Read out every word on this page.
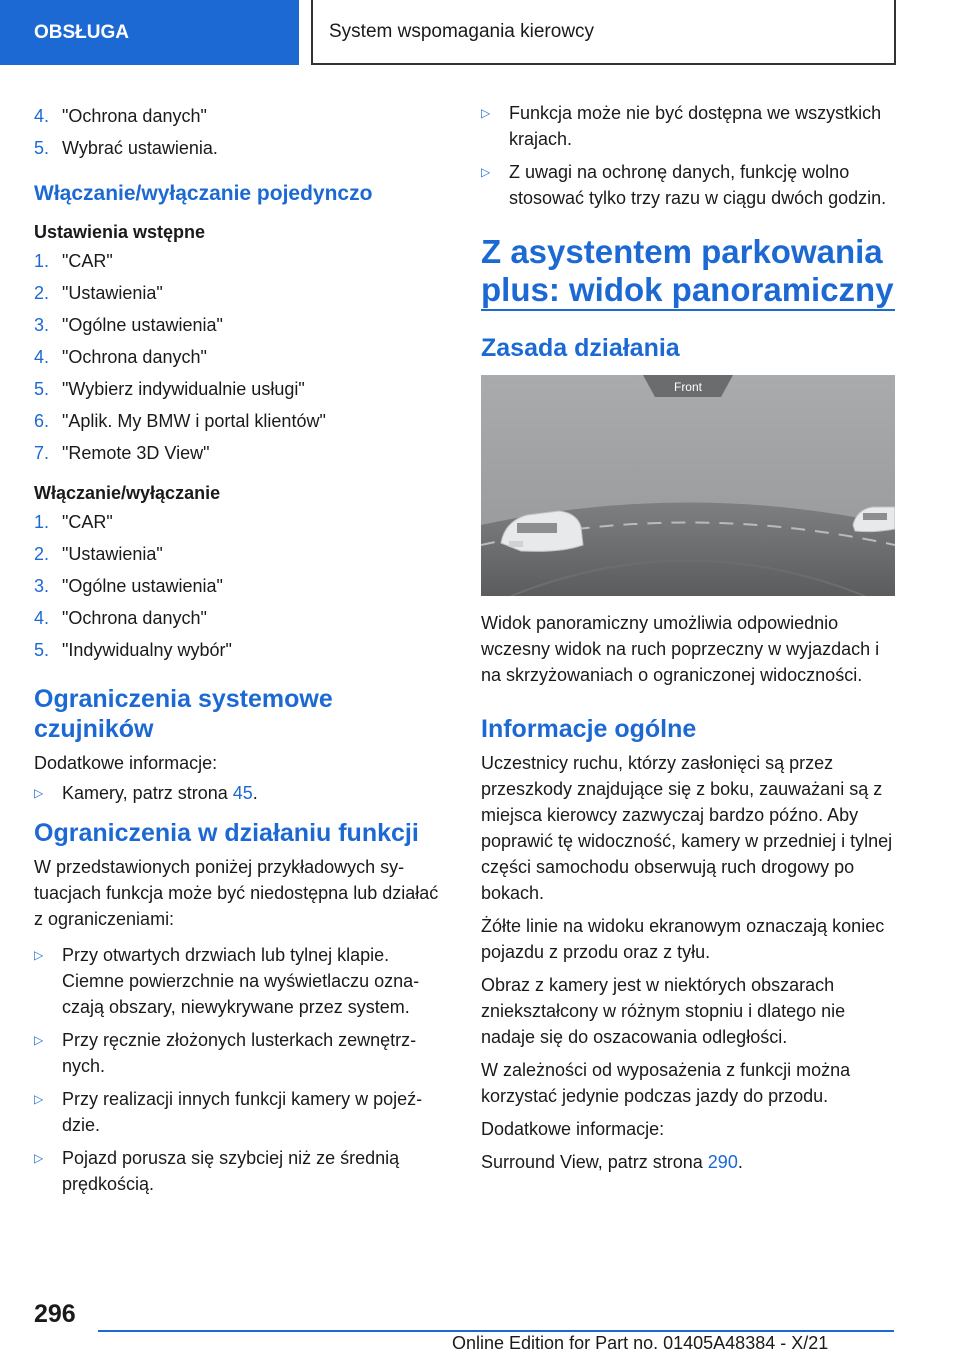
OBSŁUGA	System wspomagania kierowcy
4. "Ochrona danych"
5. Wybrać ustawienia.
Włączanie/wyłączanie pojedynczo
Ustawienia wstępne
1. "CAR"
2. "Ustawienia"
3. "Ogólne ustawienia"
4. "Ochrona danych"
5. "Wybierz indywidualnie usługi"
6. "Aplik. My BMW i portal klientów"
7. "Remote 3D View"
Włączanie/wyłączanie
1. "CAR"
2. "Ustawienia"
3. "Ogólne ustawienia"
4. "Ochrona danych"
5. "Indywidualny wybór"
Ograniczenia systemowe czujników

Dodatkowe informacje:

▷	Kamery, patrz strona 45.
Ograniczenia w działaniu funkcji

W przedstawionych poniżej przykładowych sytuacjach funkcja może być niedostępna lub działać z ograniczeniami:

▷	Przy otwartych drzwiach lub tylnej klapie. Ciemne powierzchnie na wyświetlaczu oznaczają obszary, niewykrywane przez system.
▷	Przy ręcznie złożonych lusterkach zewnętrznych.
▷	Przy realizacji innych funkcji kamery w pojeździe.
▷	Pojazd porusza się szybciej niż ze średnią prędkością.
▷	Funkcja może nie być dostępna we wszystkich krajach.
▷	Z uwagi na ochronę danych, funkcję wolno stosować tylko trzy razu w ciągu dwóch godzin.
Z asystentem parkowania plus: widok panoramiczny
Zasada działania
Front

Widok panoramiczny umożliwia odpowiednio wczesny widok na ruch poprzeczny w wyjazdach i na skrzyżowaniach o ograniczonej widoczności.

Informacje ogólne

Uczestnicy ruchu, którzy zasłonięci są przez przeszkody znajdujące się z boku, zauważani są z miejsca kierowcy zazwyczaj bardzo późno. Aby poprawić tę widoczność, kamery w przedniej i tylnej części samochodu obserwują ruch drogowy po bokach.

Żółte linie na widoku ekranowym oznaczają koniec pojazdu z przodu oraz z tyłu.

Obraz z kamery jest w niektórych obszarach zniekształcony w różnym stopniu i dlatego nie nadaje się do oszacowania odległości.

W zależności od wyposażenia z funkcji można korzystać jedynie podczas jazdy do przodu.

Dodatkowe informacje:

Surround View, patrz strona 290.

296
Online Edition for Part no. 01405A48384 - X/21
